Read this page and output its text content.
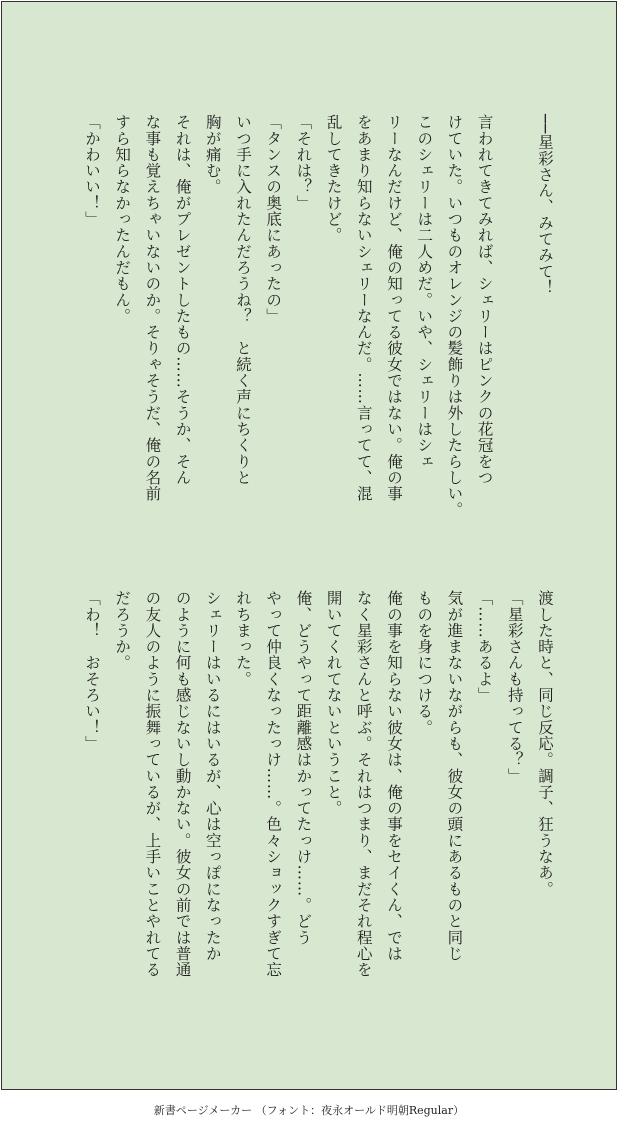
──星彩さん、みてみて！

言われてきてみれば、シェリーはピンクの花冠をつ
けていた。いつものオレンジの髪飾りは外したらしい。
このシェリーは二人めだ。いや、シェリーはシェ
リーなんだけど、俺の知ってる彼女ではない。俺の事
をあまり知らないシェリーなんだ。……言ってて、混
乱してきたけど。
「それは？」
「タンスの奥底にあったの」
いつ手に入れたんだろうね？　と続く声にちくりと
胸が痛む。
それは、俺がプレゼントしたもの……そうか、そん
な事も覚えちゃいないのか。そりゃそうだ、俺の名前
すら知らなかったんだもん。
「かわいい！」
渡した時と、同じ反応。調子、狂うなあ。
「星彩さんも持ってる？」
「……あるよ」
気が進まないながらも、彼女の頭にあるものと同じ
ものを身につける。
俺の事を知らない彼女は、俺の事をセイくん、では
なく星彩さんと呼ぶ。それはつまり、まだそれ程心を
開いてくれてないということ。
俺、どうやって距離感はかってたっけ……。どう
やって仲良くなったっけ……。色々ショックすぎて忘
れちまった。
シェリーはいるにはいるが、心は空っぽになったか
のように何も感じないし動かない。彼女の前では普通
の友人のように振舞っているが、上手いことやれてる
だろうか。
「わ！　おそろい！」
新書ページメーカー （フォント：夜永オールド明朝Regular）
